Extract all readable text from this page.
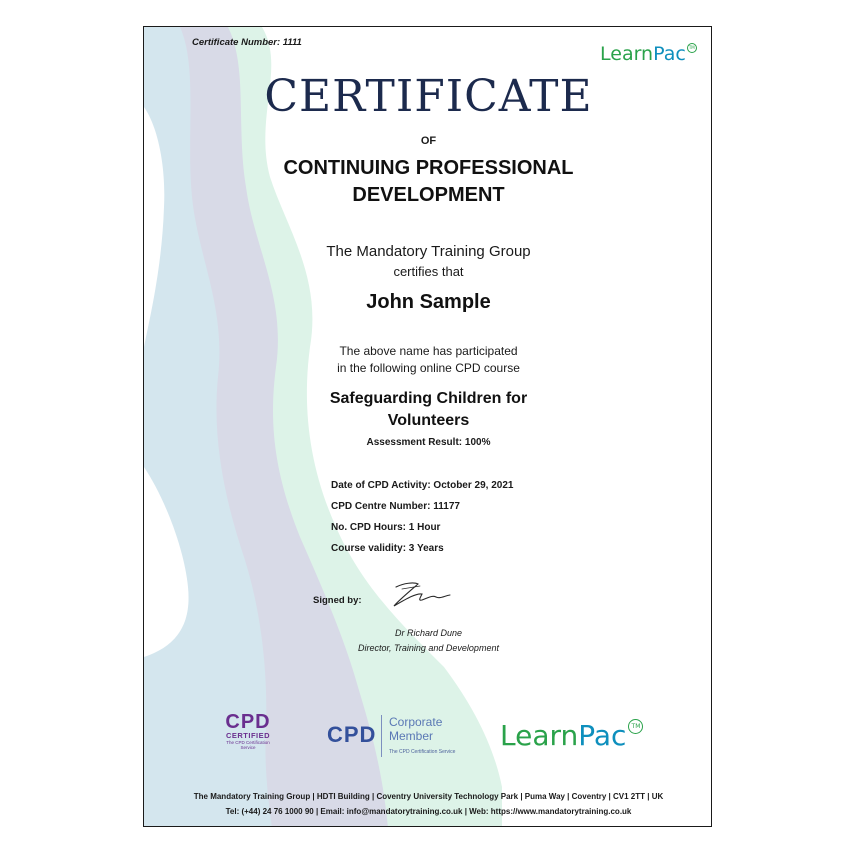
Certificate Number: 1111
LearnPac TM
CERTIFICATE
OF
CONTINUING PROFESSIONAL
DEVELOPMENT
The Mandatory Training Group
certifies that
John Sample
The above name has participated
in the following online CPD course
Safeguarding Children for
Volunteers
Assessment Result: 100%
Date of CPD Activity: October 29, 2021
CPD Centre Number: 11177
No. CPD Hours: 1 Hour
Course validity: 3 Years
Signed by:
Dr Richard Dune
Director, Training and Development
CPD
CERTIFIED
The CPD Certification
Service
CPD Corporate
Member
The CPD Certification Service LearnPac TM
The Mandatory Training Group | HDTI Building | Coventry University Technology Park | Puma Way | Coventry | CV1 2TT | UK
Tel: (+44) 24 76 1000 90 | Email: info@mandatorytraining.co.uk | Web: https://www.mandatorytraining.co.uk
